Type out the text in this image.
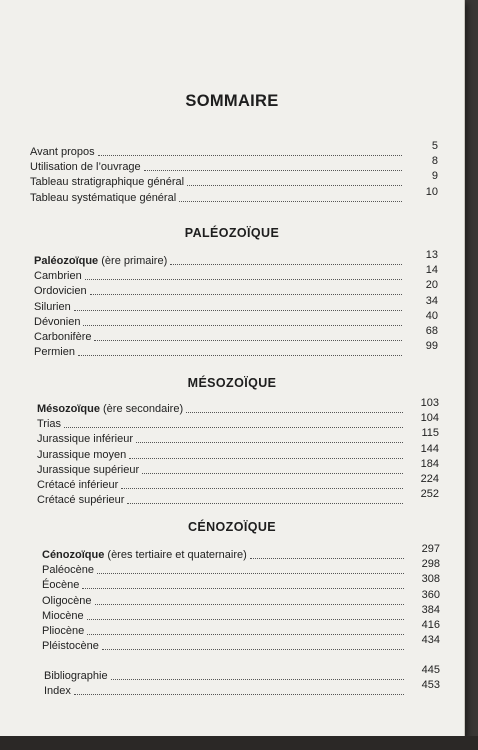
SOMMAIRE
Avant propos	5
Utilisation de l’ouvrage	8
Tableau stratigraphique général	9
Tableau systématique général	10
PALÉOZOÏQUE
Paléozoïque (ère primaire)	13
Cambrien	14
Ordovicien	20
Silurien	34
Dévonien	40
Carbonifère	68
Permien	99
MÉSOZOÏQUE
Mésozoïque (ère secondaire)	103
Trias	104
Jurassique inférieur	115
Jurassique moyen	144
Jurassique supérieur	184
Crétacé inférieur	224
Crétacé supérieur	252
CÉNOZOÏQUE
Cénozoïque (ères tertiaire et quaternaire)	297
Paléocène	298
Éocène	308
Oligocène	360
Miocène	384
Pliocène	416
Pléistocène	434
Bibliographie	445
Index	453
